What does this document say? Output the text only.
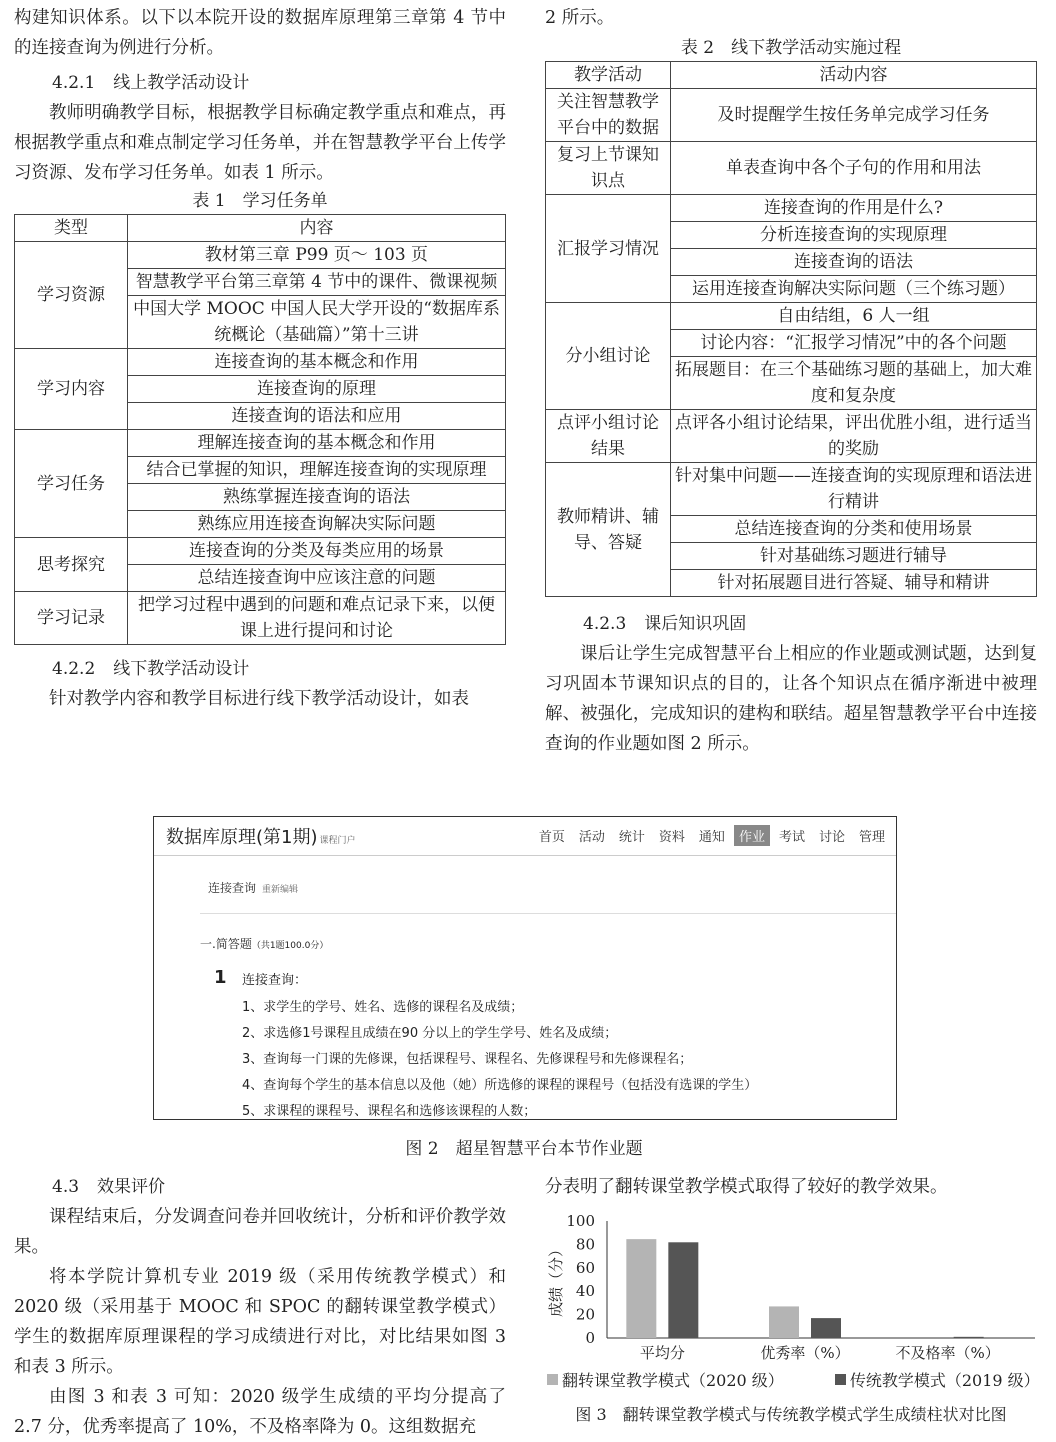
构建知识体系。以下以本院开设的数据库原理第三章第 4 节中的连接查询为例进行分析。

4.2.1 线上教学活动设计

教师明确教学目标，根据教学目标确定教学重点和难点，再根据教学重点和难点制定学习任务单，并在智慧教学平台上传学习资源、发布学习任务单。如表 1 所示。

表 1　学习任务单

类型	内容
学习资源	教材第三章 P99 页～ 103 页
	智慧教学平台第三章第 4 节中的课件、微课视频
	中国大学 MOOC 中国人民大学开设的“数据库系统概论（基础篇）”第十三讲
学习内容	连接查询的基本概念和作用
	连接查询的原理
	连接查询的语法和应用
学习任务	理解连接查询的基本概念和作用
	结合已掌握的知识，理解连接查询的实现原理
	熟练掌握连接查询的语法
	熟练应用连接查询解决实际问题
思考探究	连接查询的分类及每类应用的场景
	总结连接查询中应该注意的问题
学习记录	把学习过程中遇到的问题和难点记录下来，以便课上进行提问和讨论

4.2.2 线下教学活动设计

针对教学内容和教学目标进行线下教学活动设计，如表

2 所示。

表 2　线下教学活动实施过程

教学活动	活动内容
关注智慧教学平台中的数据	及时提醒学生按任务单完成学习任务
复习上节课知识点	单表查询中各个子句的作用和用法
汇报学习情况	连接查询的作用是什么?
	分析连接查询的实现原理
	连接查询的语法
	运用连接查询解决实际问题（三个练习题）
分小组讨论	自由结组，6 人一组
	讨论内容：“汇报学习情况”中的各个问题
	拓展题目：在三个基础练习题的基础上，加大难度和复杂度
点评小组讨论结果	点评各小组讨论结果，评出优胜小组，进行适当的奖励
教师精讲、辅导、答疑	针对集中问题——连接查询的实现原理和语法进行精讲
	总结连接查询的分类和使用场景
	针对基础练习题进行辅导
	针对拓展题目进行答疑、辅导和精讲

4.2.3 课后知识巩固

课后让学生完成智慧平台上相应的作业题或测试题，达到复习巩固本节课知识点的目的，让各个知识点在循序渐进中被理解、被强化，完成知识的建构和联结。超星智慧教学平台中连接查询的作业题如图 2 所示。

数据库原理(第1期) 课程门户	首页	活动	统计	资料	通知	作业	考试	讨论	管理
连接查询 重新编辑
一.简答题（共1题100.0分）
1 连接查询：
1、求学生的学号、姓名、选修的课程名及成绩；
2、求选修1号课程且成绩在90 分以上的学生学号、姓名及成绩；
3、查询每一门课的先修课，包括课程号、课程名、先修课程号和先修课程名；
4、查询每个学生的基本信息以及他（她）所选修的课程的课程号（包括没有选课的学生）
5、求课程的课程号、课程名和选修该课程的人数；

图 2　超星智慧平台本节作业题

4.3 效果评价

课程结束后，分发调查问卷并回收统计，分析和评价教学效果。

将本学院计算机专业 2019 级（采用传统教学模式）和 2020 级（采用基于 MOOC 和 SPOC 的翻转课堂教学模式）学生的数据库原理课程的学习成绩进行对比，对比结果如图 3 和表 3 所示。

由图 3 和表 3 可知：2020 级学生成绩的平均分提高了 2.7 分，优秀率提高了 10%，不及格率降为 0。这组数据充

分表明了翻转课堂教学模式取得了较好的教学效果。

0
20
40
60
80
100
成绩（分）
平均分	优秀率（%）	不及格率（%）
翻转课堂教学模式（2020 级）	传统教学模式（2019 级）

图 3　翻转课堂教学模式与传统教学模式学生成绩柱状对比图
